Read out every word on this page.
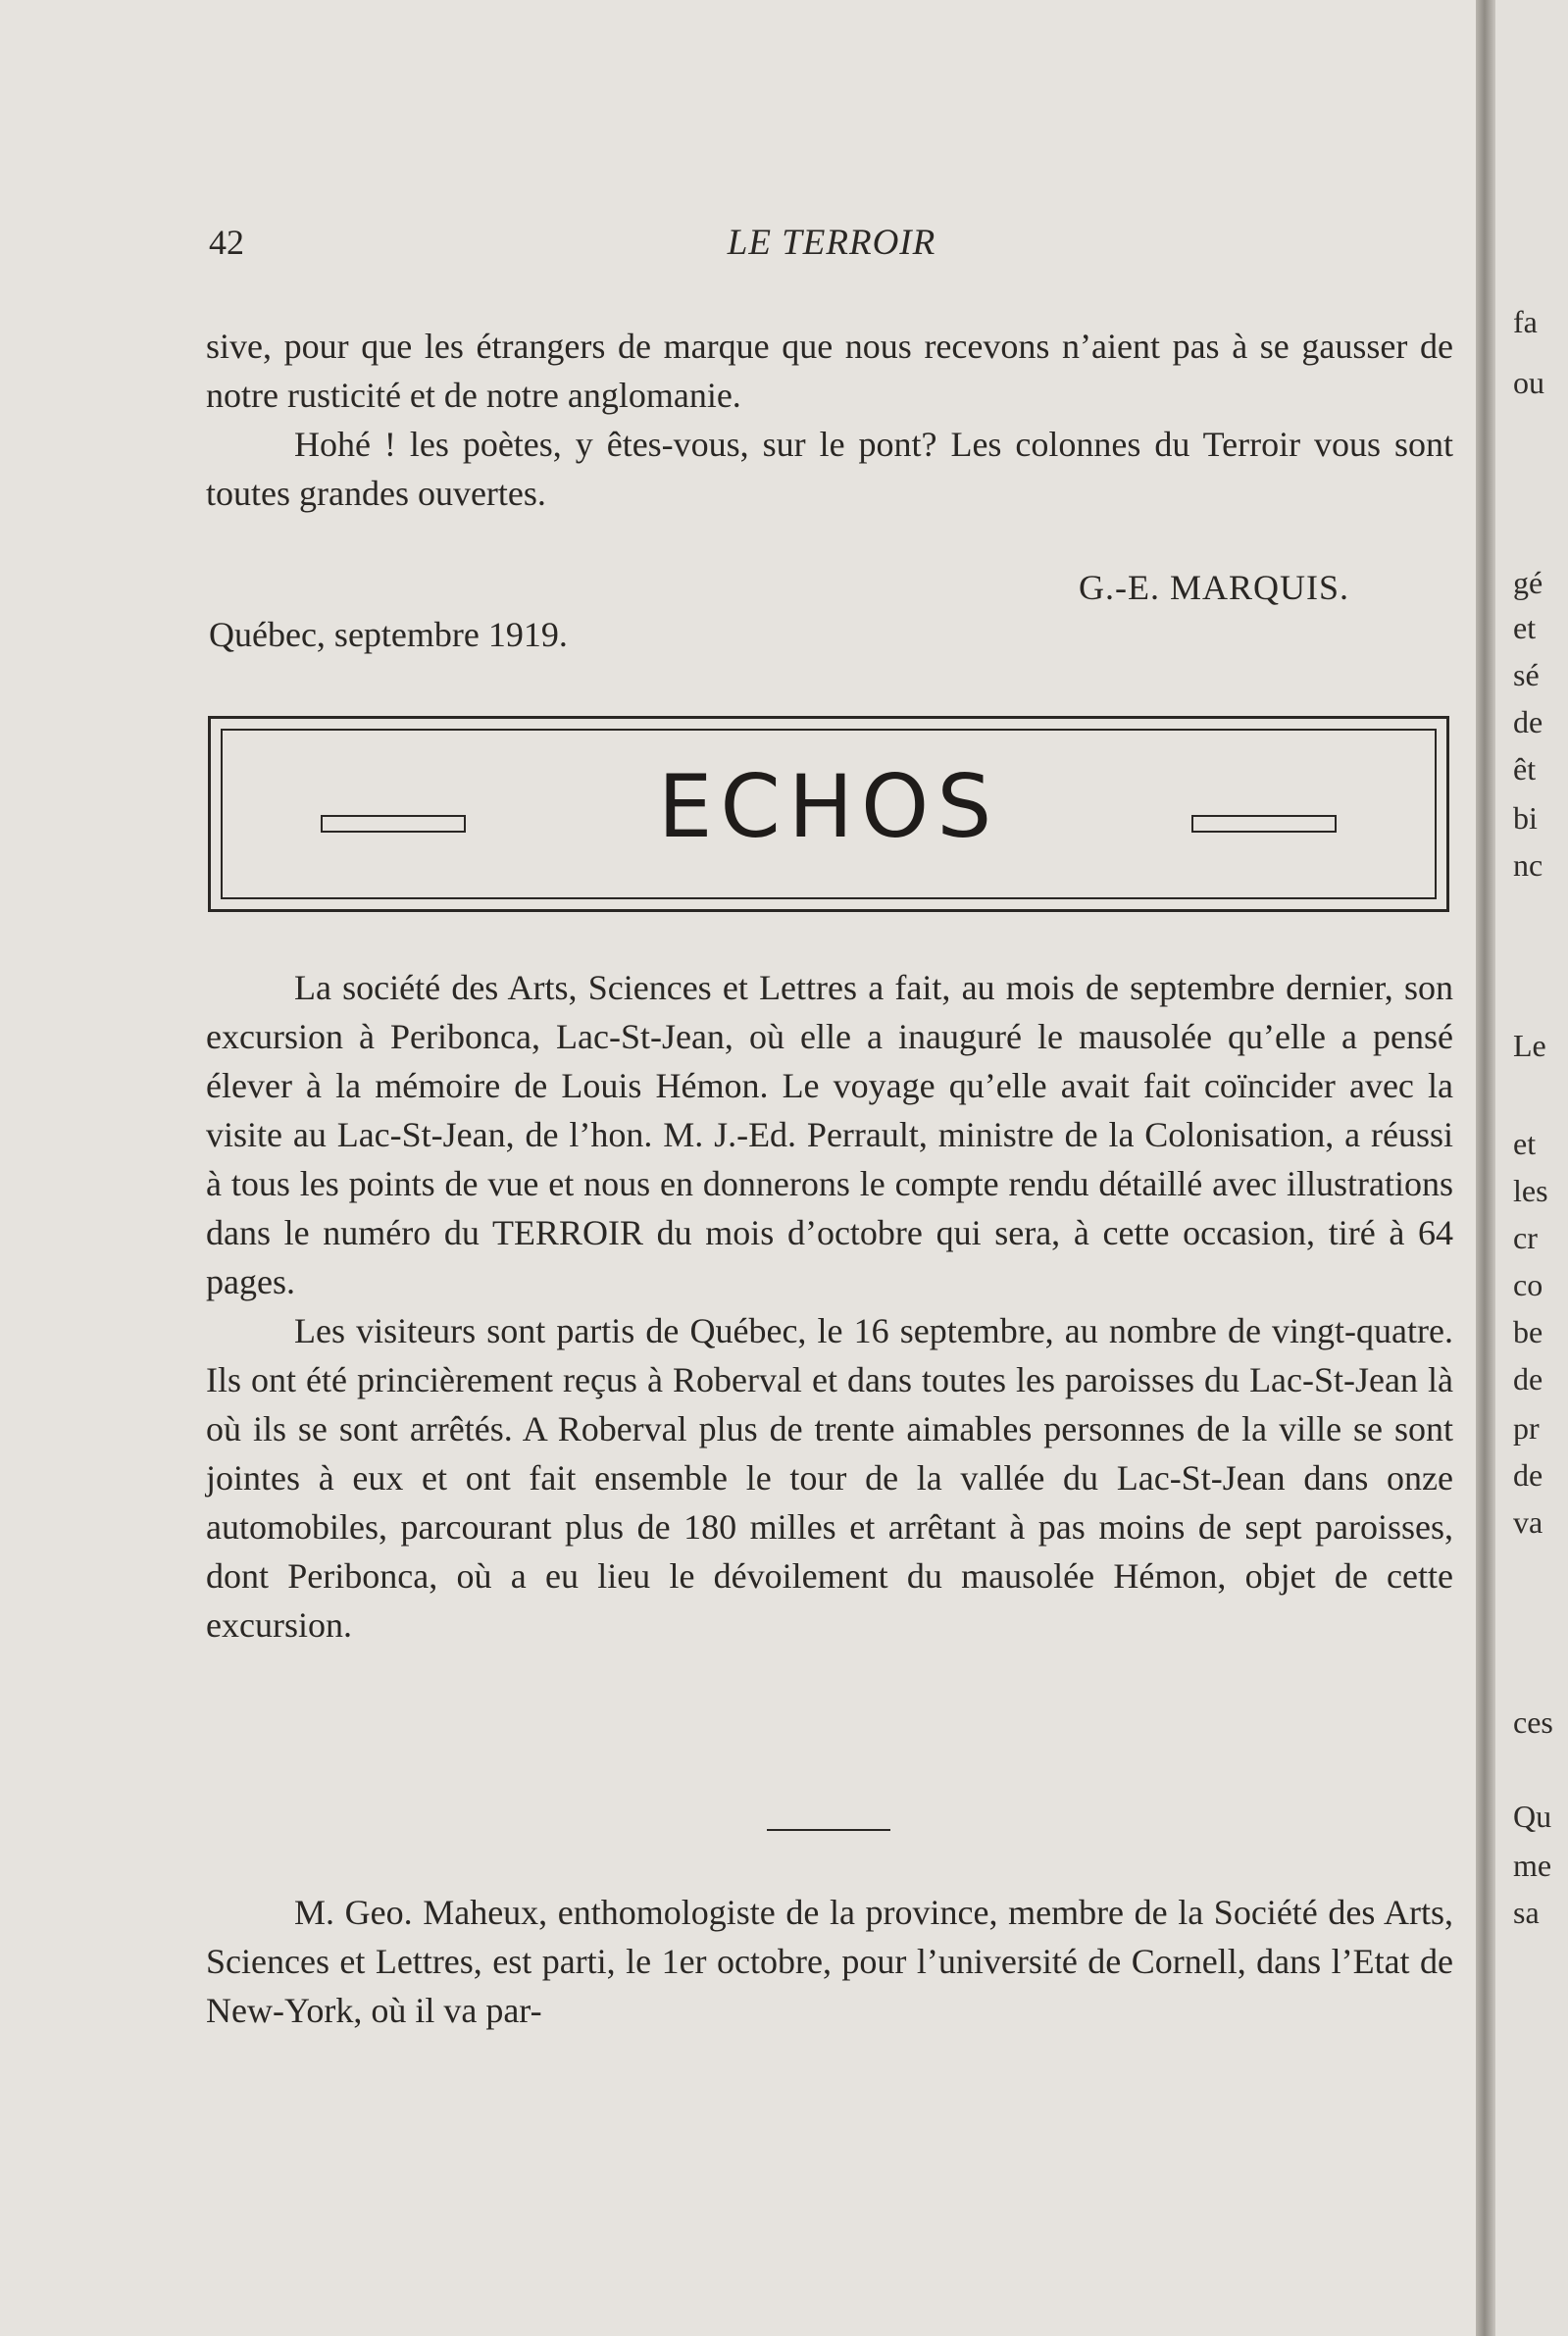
42	LE TERROIR

sive, pour que les étrangers de marque que nous recevons n’aient pas à se gausser de notre rusticité et de notre anglomanie.

Hohé ! les poètes, y êtes-vous, sur le pont? Les colonnes du Terroir vous sont toutes grandes ouvertes.

G.-E. MARQUIS.
Québec, septembre 1919.
ECHOS

La société des Arts, Sciences et Lettres a fait, au mois de septembre dernier, son excursion à Peribonca, Lac-St-Jean, où elle a inauguré le mausolée qu’elle a pensé élever à la mémoire de Louis Hémon. Le voyage qu’elle avait fait coïncider avec la visite au Lac-St-Jean, de l’hon. M. J.-Ed. Perrault, ministre de la Colonisation, a réussi à tous les points de vue et nous en donnerons le compte rendu détaillé avec illustrations dans le numéro du TERROIR du mois d’octobre qui sera, à cette occasion, tiré à 64 pages.

Les visiteurs sont partis de Québec, le 16 septembre, au nombre de vingt-quatre. Ils ont été princièrement reçus à Roberval et dans toutes les paroisses du Lac-St-Jean là où ils se sont arrêtés. A Roberval plus de trente aimables personnes de la ville se sont jointes à eux et ont fait ensemble le tour de la vallée du Lac-St-Jean dans onze automobiles, parcourant plus de 180 milles et arrêtant à pas moins de sept paroisses, dont Peribonca, où a eu lieu le dévoilement du mausolée Hémon, objet de cette excursion.

M. Geo. Maheux, enthomologiste de la province, membre de la Société des Arts, Sciences et Lettres, est parti, le 1er octobre, pour l’université de Cornell, dans l’Etat de New-York, où il va par-

fa
ou
gé
et
sé
de
êt
bi
nc
Le
et
les
cr
co
be
de
pr
de
va
ces
Qu
me
sa
